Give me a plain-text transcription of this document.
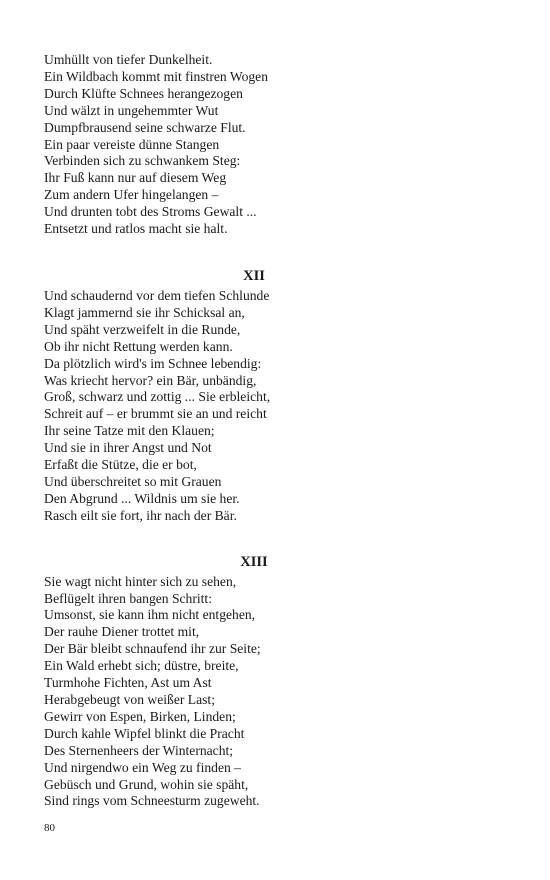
Umhüllt von tiefer Dunkelheit.
Ein Wildbach kommt mit finstren Wogen
Durch Klüfte Schnees herangezogen
Und wälzt in ungehemmter Wut
Dumpfbrausend seine schwarze Flut.
Ein paar vereiste dünne Stangen
Verbinden sich zu schwankem Steg:
Ihr Fuß kann nur auf diesem Weg
Zum andern Ufer hingelangen –
Und drunten tobt des Stroms Gewalt ...
Entsetzt und ratlos macht sie halt.
XII
Und schaudernd vor dem tiefen Schlunde
Klagt jammernd sie ihr Schicksal an,
Und späht verzweifelt in die Runde,
Ob ihr nicht Rettung werden kann.
Da plötzlich wird's im Schnee lebendig:
Was kriecht hervor? ein Bär, unbändig,
Groß, schwarz und zottig ... Sie erbleicht,
Schreit auf – er brummt sie an und reicht
Ihr seine Tatze mit den Klauen;
Und sie in ihrer Angst und Not
Erfaßt die Stütze, die er bot,
Und überschreitet so mit Grauen
Den Abgrund ... Wildnis um sie her.
Rasch eilt sie fort, ihr nach der Bär.
XIII
Sie wagt nicht hinter sich zu sehen,
Beflügelt ihren bangen Schritt:
Umsonst, sie kann ihm nicht entgehen,
Der rauhe Diener trottet mit,
Der Bär bleibt schnaufend ihr zur Seite;
Ein Wald erhebt sich; düstre, breite,
Turmhohe Fichten, Ast um Ast
Herabgebeugt von weißer Last;
Gewirr von Espen, Birken, Linden;
Durch kahle Wipfel blinkt die Pracht
Des Sternenheers der Winternacht;
Und nirgendwo ein Weg zu finden –
Gebüsch und Grund, wohin sie späht,
Sind rings vom Schneesturm zugeweht.
80
